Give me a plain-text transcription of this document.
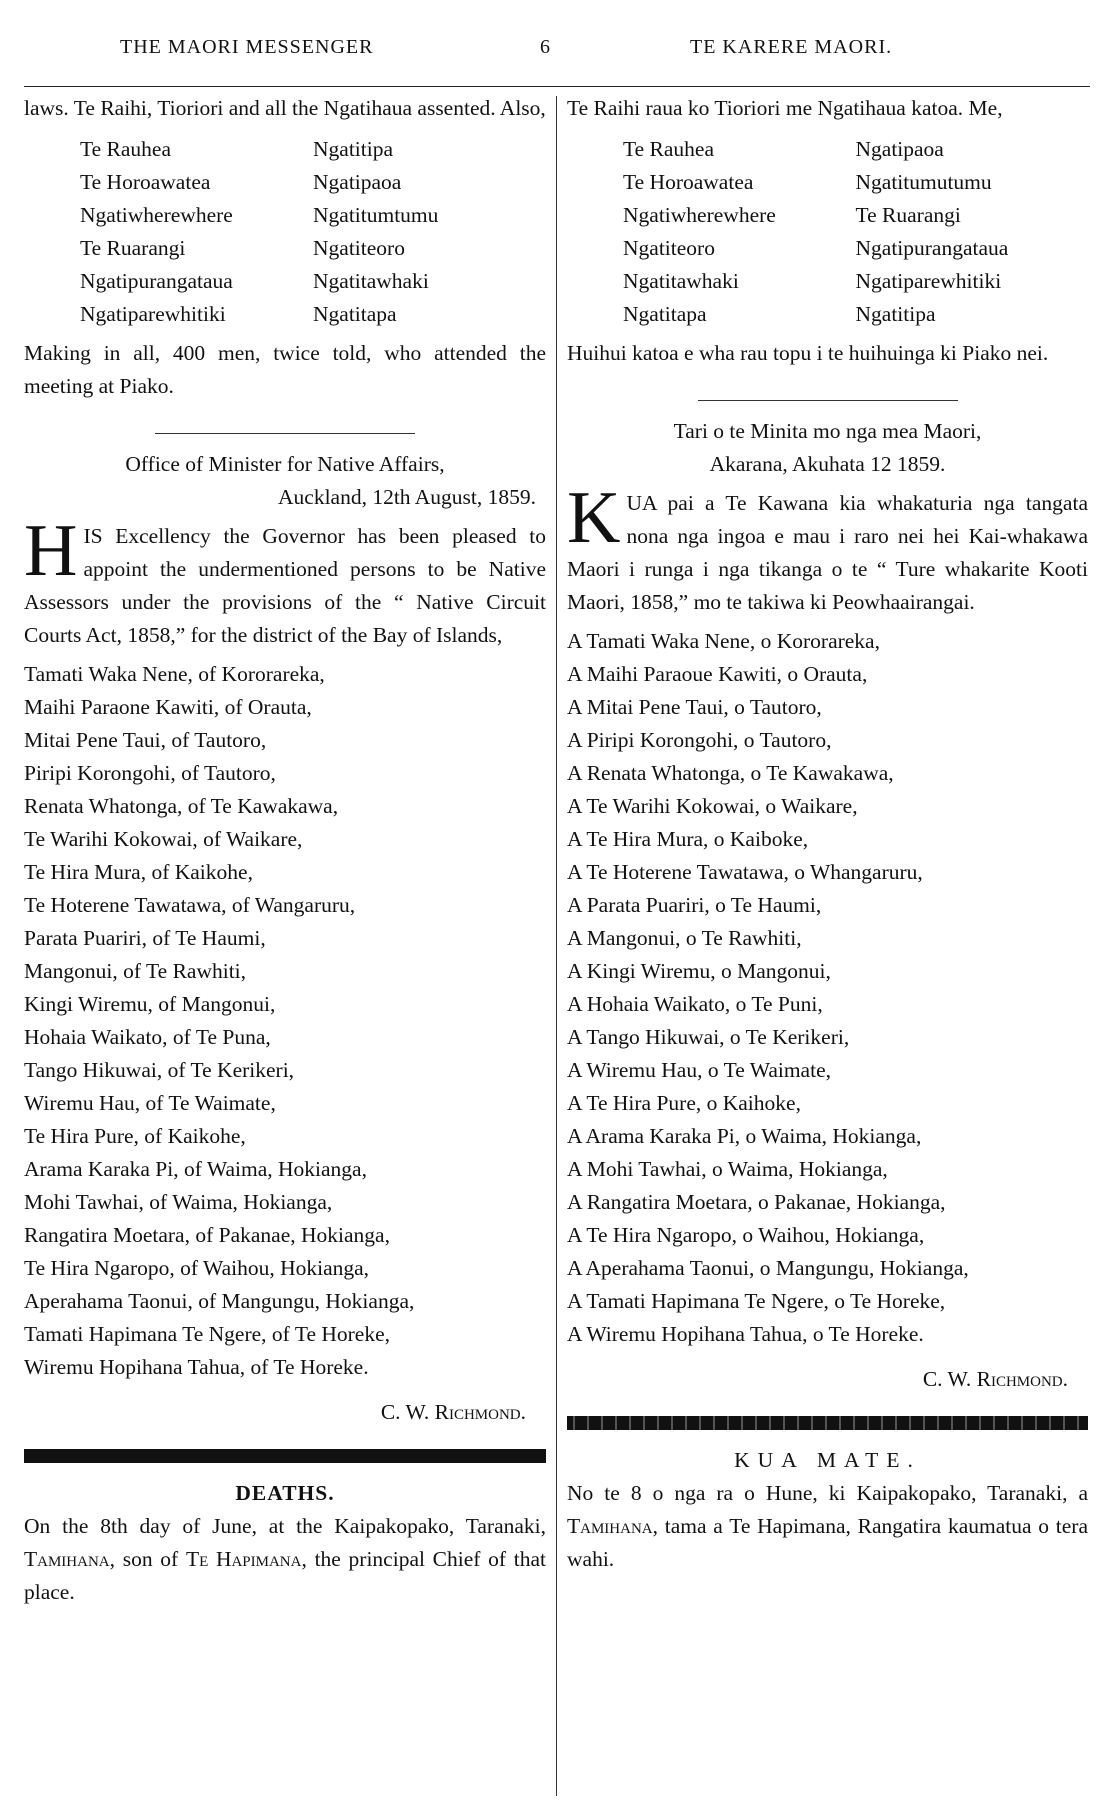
THE MAORI MESSENGER	6	TE KARERE MAORI.

laws. Te Raihi, Tioriori and all the Ngatihaua assented. Also,

Te Rauhea	Ngatitipa
Te Horoawatea	Ngatipaoa
Ngatiwherewhere	Ngatitumtumu
Te Ruarangi	Ngatiteoro
Ngatipurangataua	Ngatitawhaki
Ngatiparewhitiki	Ngatitapa

Making in all, 400 men, twice told, who attended the meeting at Piako.

Office of Minister for Native Affairs,

Auckland, 12th August, 1859.

H IS Excellency the Governor has been pleased to appoint the undermentioned persons to be Native Assessors under the provisions of the “ Native Circuit Courts Act, 1858,” for the district of the Bay of Islands,

Tamati Waka Nene, of Kororareka,
Maihi Paraone Kawiti, of Orauta,
Mitai Pene Taui, of Tautoro,
Piripi Korongohi, of Tautoro,
Renata Whatonga, of Te Kawakawa,
Te Warihi Kokowai, of Waikare,
Te Hira Mura, of Kaikohe,
Te Hoterene Tawatawa, of Wangaruru,
Parata Puariri, of Te Haumi,
Mangonui, of Te Rawhiti,
Kingi Wiremu, of Mangonui,
Hohaia Waikato, of Te Puna,
Tango Hikuwai, of Te Kerikeri,
Wiremu Hau, of Te Waimate,
Te Hira Pure, of Kaikohe,
Arama Karaka Pi, of Waima, Hokianga,
Mohi Tawhai, of Waima, Hokianga,
Rangatira Moetara, of Pakanae, Hokianga,
Te Hira Ngaropo, of Waihou, Hokianga,
Aperahama Taonui, of Mangungu, Hokianga,
Tamati Hapimana Te Ngere, of Te Horeke,
Wiremu Hopihana Tahua, of Te Horeke.

C. W. Richmond.

DEATHS.

On the 8th day of June, at the Kaipakopako, Taranaki, Tamihana, son of Te Hapimana, the principal Chief of that place.

Te Raihi raua ko Tioriori me Ngatihaua katoa. Me,

Te Rauhea	Ngatipaoa
Te Horoawatea	Ngatitumutumu
Ngatiwherewhere	Te Ruarangi
Ngatiteoro	Ngatipurangataua
Ngatitawhaki	Ngatiparewhitiki
Ngatitapa	Ngatitipa

Huihui katoa e wha rau topu i te huihuinga ki Piako nei.

Tari o te Minita mo nga mea Maori,

Akarana, Akuhata 12 1859.

K UA pai a Te Kawana kia whakaturia nga tangata nona nga ingoa e mau i raro nei hei Kai-whakawa Maori i runga i nga tikanga o te “ Ture whakarite Kooti Maori, 1858,” mo te takiwa ki Peowhaairangai.

A Tamati Waka Nene, o Kororareka,
A Maihi Paraoue Kawiti, o Orauta,
A Mitai Pene Taui, o Tautoro,
A Piripi Korongohi, o Tautoro,
A Renata Whatonga, o Te Kawakawa,
A Te Warihi Kokowai, o Waikare,
A Te Hira Mura, o Kaiboke,
A Te Hoterene Tawatawa, o Whangaruru,
A Parata Puariri, o Te Haumi,
A Mangonui, o Te Rawhiti,
A Kingi Wiremu, o Mangonui,
A Hohaia Waikato, o Te Puni,
A Tango Hikuwai, o Te Kerikeri,
A Wiremu Hau, o Te Waimate,
A Te Hira Pure, o Kaihoke,
A Arama Karaka Pi, o Waima, Hokianga,
A Mohi Tawhai, o Waima, Hokianga,
A Rangatira Moetara, o Pakanae, Hokianga,
A Te Hira Ngaropo, o Waihou, Hokianga,
A Aperahama Taonui, o Mangungu, Hokianga,
A Tamati Hapimana Te Ngere, o Te Horeke,
A Wiremu Hopihana Tahua, o Te Horeke.

C. W. Richmond.

KUA MATE.

No te 8 o nga ra o Hune, ki Kaipakopako, Taranaki, a Tamihana, tama a Te Hapimana, Rangatira kaumatua o tera wahi.
